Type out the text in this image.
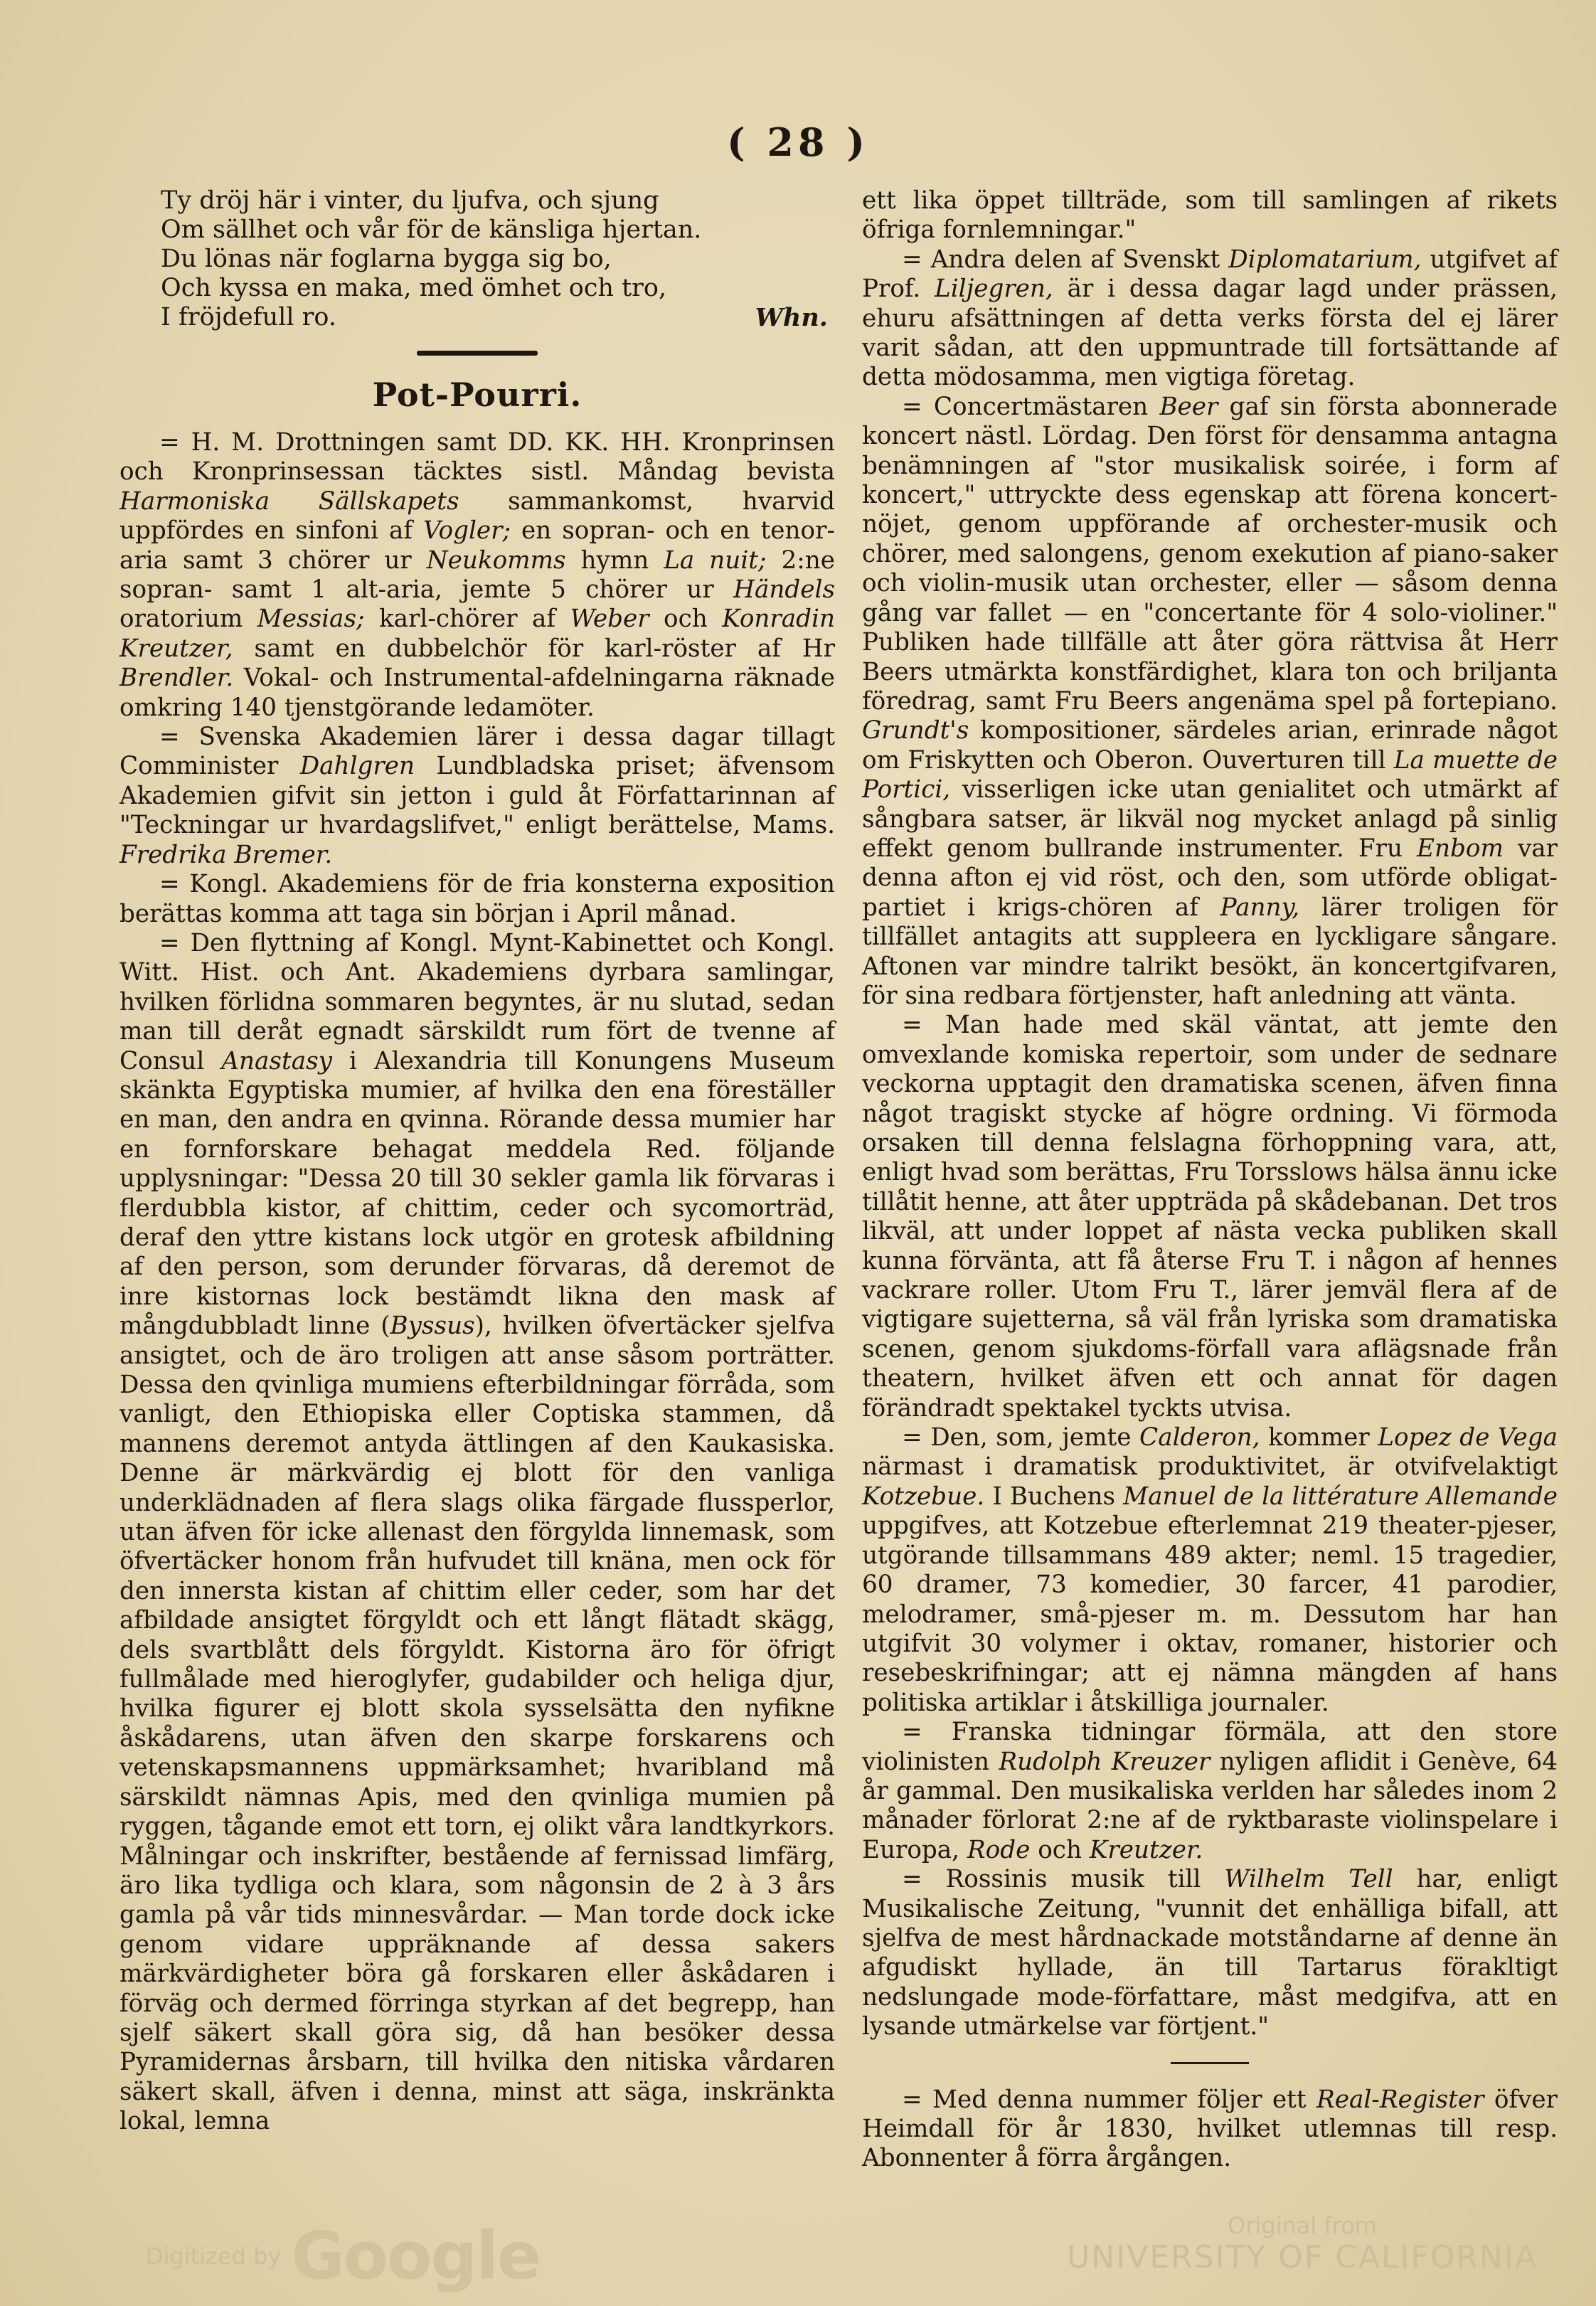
( 28 )
Ty dröj här i vinter, du ljufva, och sjung
Om sällhet och vår för de känsliga hjertan.
Du lönas när foglarna bygga sig bo,
Och kyssa en maka, med ömhet och tro,
I fröjdefull ro.	Whn.
Pot-Pourri.

= H. M. Drottningen samt DD. KK. HH. Kronprinsen och Kronprinsessan täcktes sistl. Måndag bevista Harmoniska Sällskapets sammankomst, hvarvid uppfördes en sinfoni af Vogler; en sopran- och en tenor-aria samt 3 chörer ur Neukomms hymn La nuit; 2:ne sopran- samt 1 alt-aria, jemte 5 chörer ur Händels oratorium Messias; karl-chörer af Weber och Konradin Kreutzer, samt en dubbelchör för karl-röster af Hr Brendler. Vokal- och Instrumental-afdelningarna räknade omkring 140 tjenstgörande ledamöter.

= Svenska Akademien lärer i dessa dagar tillagt Comminister Dahlgren Lundbladska priset; äfvensom Akademien gifvit sin jetton i guld åt Författarinnan af "Teckningar ur hvardagslifvet," enligt berättelse, Mams. Fredrika Bremer.

= Kongl. Akademiens för de fria konsterna exposition berättas komma att taga sin början i April månad.

= Den flyttning af Kongl. Mynt-Kabinettet och Kongl. Witt. Hist. och Ant. Akademiens dyrbara samlingar, hvilken förlidna sommaren begyntes, är nu slutad, sedan man till deråt egnadt särskildt rum fört de tvenne af Consul Anastasy i Alexandria till Konungens Museum skänkta Egyptiska mumier, af hvilka den ena föreställer en man, den andra en qvinna. Rörande dessa mumier har en fornforskare behagat meddela Red. följande upplysningar: "Dessa 20 till 30 sekler gamla lik förvaras i flerdubbla kistor, af chittim, ceder och sycomorträd, deraf den yttre kistans lock utgör en grotesk afbildning af den person, som derunder förvaras, då deremot de inre kistornas lock bestämdt likna den mask af mångdubbladt linne (Byssus), hvilken öfvertäcker sjelfva ansigtet, och de äro troligen att anse såsom porträtter. Dessa den qvinliga mumiens efterbildningar förråda, som vanligt, den Ethiopiska eller Coptiska stammen, då mannens deremot antyda ättlingen af den Kaukasiska. Denne är märkvärdig ej blott för den vanliga underklädnaden af flera slags olika färgade flussperlor, utan äfven för icke allenast den förgylda linnemask, som öfvertäcker honom från hufvudet till knäna, men ock för den innersta kistan af chittim eller ceder, som har det afbildade ansigtet förgyldt och ett långt flätadt skägg, dels svartblått dels förgyldt. Kistorna äro för öfrigt fullmålade med hieroglyfer, gudabilder och heliga djur, hvilka figurer ej blott skola sysselsätta den nyfikne åskådarens, utan äfven den skarpe forskarens och vetenskapsmannens uppmärksamhet; hvaribland må särskildt nämnas Apis, med den qvinliga mumien på ryggen, tågande emot ett torn, ej olikt våra landtkyrkors. Målningar och inskrifter, bestående af fernissad limfärg, äro lika tydliga och klara, som någonsin de 2 à 3 års gamla på vår tids minnesvårdar. — Man torde dock icke genom vidare uppräknande af dessa sakers märkvärdigheter böra gå forskaren eller åskådaren i förväg och dermed förringa styrkan af det begrepp, han sjelf säkert skall göra sig, då han besöker dessa Pyramidernas årsbarn, till hvilka den nitiska vårdaren säkert skall, äfven i denna, minst att säga, inskränkta lokal, lemna

ett lika öppet tillträde, som till samlingen af rikets öfriga fornlemningar."

= Andra delen af Svenskt Diplomatarium, utgifvet af Prof. Liljegren, är i dessa dagar lagd under prässen, ehuru afsättningen af detta verks första del ej lärer varit sådan, att den uppmuntrade till fortsättande af detta mödosamma, men vigtiga företag.

= Concertmästaren Beer gaf sin första abonnerade koncert nästl. Lördag. Den först för densamma antagna benämningen af "stor musikalisk soirée, i form af koncert," uttryckte dess egenskap att förena koncert-nöjet, genom uppförande af orchester-musik och chörer, med salongens, genom exekution af piano-saker och violin-musik utan orchester, eller — såsom denna gång var fallet — en "concertante för 4 solo-violiner." Publiken hade tillfälle att åter göra rättvisa åt Herr Beers utmärkta konstfärdighet, klara ton och briljanta föredrag, samt Fru Beers angenäma spel på fortepiano. Grundt's kompositioner, särdeles arian, erinrade något om Friskytten och Oberon. Ouverturen till La muette de Portici, visserligen icke utan genialitet och utmärkt af sångbara satser, är likväl nog mycket anlagd på sinlig effekt genom bullrande instrumenter. Fru Enbom var denna afton ej vid röst, och den, som utförde obligat-partiet i krigs-chören af Panny, lärer troligen för tillfället antagits att suppleera en lyckligare sångare. Aftonen var mindre talrikt besökt, än koncertgifvaren, för sina redbara förtjenster, haft anledning att vänta.

= Man hade med skäl väntat, att jemte den omvexlande komiska repertoir, som under de sednare veckorna upptagit den dramatiska scenen, äfven finna något tragiskt stycke af högre ordning. Vi förmoda orsaken till denna felslagna förhoppning vara, att, enligt hvad som berättas, Fru Torsslows hälsa ännu icke tillåtit henne, att åter uppträda på skådebanan. Det tros likväl, att under loppet af nästa vecka publiken skall kunna förvänta, att få återse Fru T. i någon af hennes vackrare roller. Utom Fru T., lärer jemväl flera af de vigtigare sujetterna, så väl från lyriska som dramatiska scenen, genom sjukdoms-förfall vara aflägsnade från theatern, hvilket äfven ett och annat för dagen förändradt spektakel tyckts utvisa.

= Den, som, jemte Calderon, kommer Lopez de Vega närmast i dramatisk produktivitet, är otvifvelaktigt Kotzebue. I Buchens Manuel de la littérature Allemande uppgifves, att Kotzebue efterlemnat 219 theater-pjeser, utgörande tillsammans 489 akter; neml. 15 tragedier, 60 dramer, 73 komedier, 30 farcer, 41 parodier, melodramer, små-pjeser m. m. Dessutom har han utgifvit 30 volymer i oktav, romaner, historier och resebeskrifningar; att ej nämna mängden af hans politiska artiklar i åtskilliga journaler.

= Franska tidningar förmäla, att den store violinisten Rudolph Kreuzer nyligen aflidit i Genève, 64 år gammal. Den musikaliska verlden har således inom 2 månader förlorat 2:ne af de ryktbaraste violinspelare i Europa, Rode och Kreutzer.

= Rossinis musik till Wilhelm Tell har, enligt Musikalische Zeitung, "vunnit det enhälliga bifall, att sjelfva de mest hårdnackade motståndarne af denne än afgudiskt hyllade, än till Tartarus förakltigt nedslungade mode-författare, måst medgifva, att en lysande utmärkelse var förtjent."

= Med denna nummer följer ett Real-Register öfver Heimdall för år 1830, hvilket utlemnas till resp. Abonnenter å förra årgången.

Digitized by Google	Original from
UNIVERSITY OF CALIFORNIA
